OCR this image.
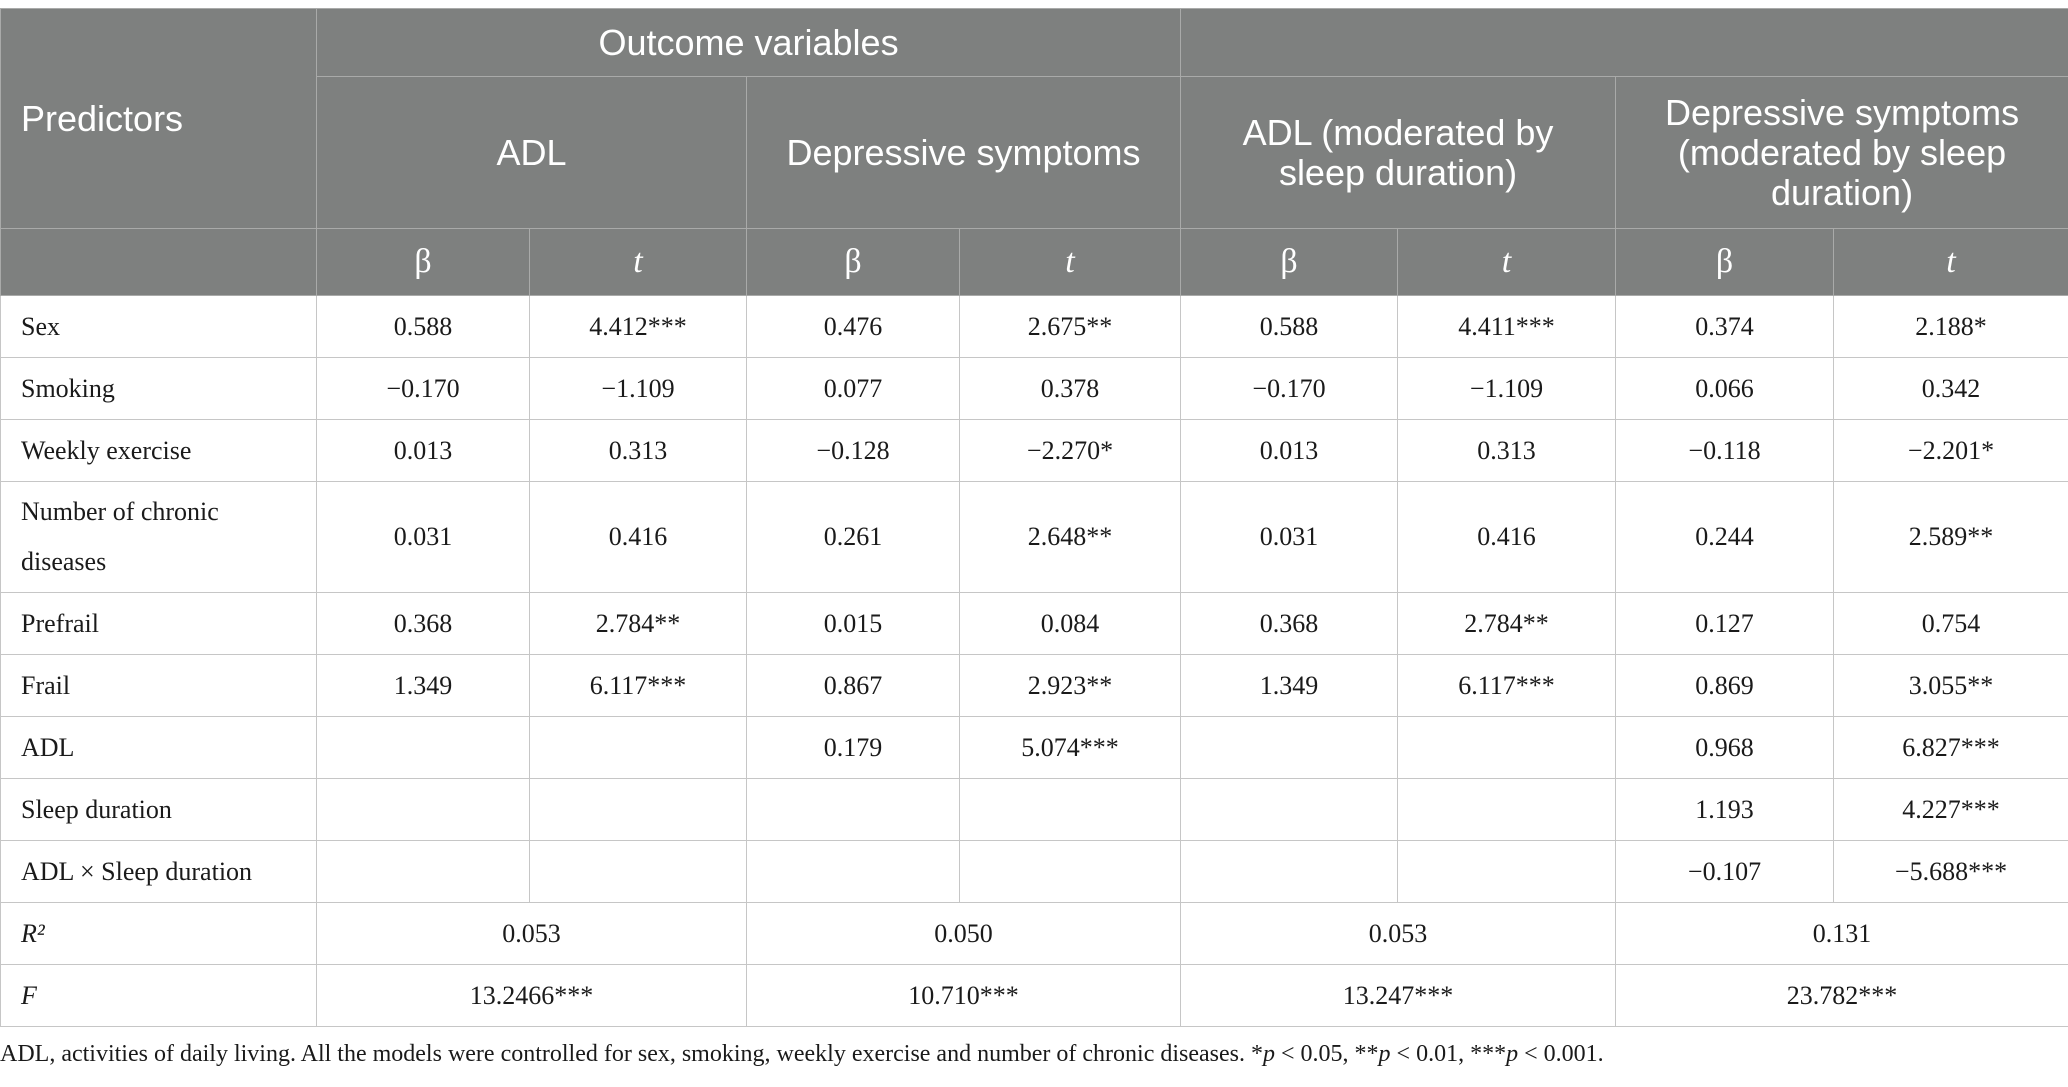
Predictors	Outcome variables							
	ADL		Depressive symptoms		ADL (moderated by sleep duration)		Depressive symptoms (moderated by sleep duration)	
	β	t	β	t	β	t	β	t
Sex	0.588	4.412***	0.476	2.675**	0.588	4.411***	0.374	2.188*
Smoking	−0.170	−1.109	0.077	0.378	−0.170	−1.109	0.066	0.342
Weekly exercise	0.013	0.313	−0.128	−2.270*	0.013	0.313	−0.118	−2.201*
Number of chronic diseases	0.031	0.416	0.261	2.648**	0.031	0.416	0.244	2.589**
Prefrail	0.368	2.784**	0.015	0.084	0.368	2.784**	0.127	0.754
Frail	1.349	6.117***	0.867	2.923**	1.349	6.117***	0.869	3.055**
ADL			0.179	5.074***			0.968	6.827***
Sleep duration							1.193	4.227***
ADL × Sleep duration							−0.107	−5.688***
R²	0.053		0.050		0.053		0.131	
F	13.2466***		10.710***		13.247***		23.782***	
ADL, activities of daily living. All the models were controlled for sex, smoking, weekly exercise and number of chronic diseases. *p < 0.05, **p < 0.01, ***p < 0.001.
